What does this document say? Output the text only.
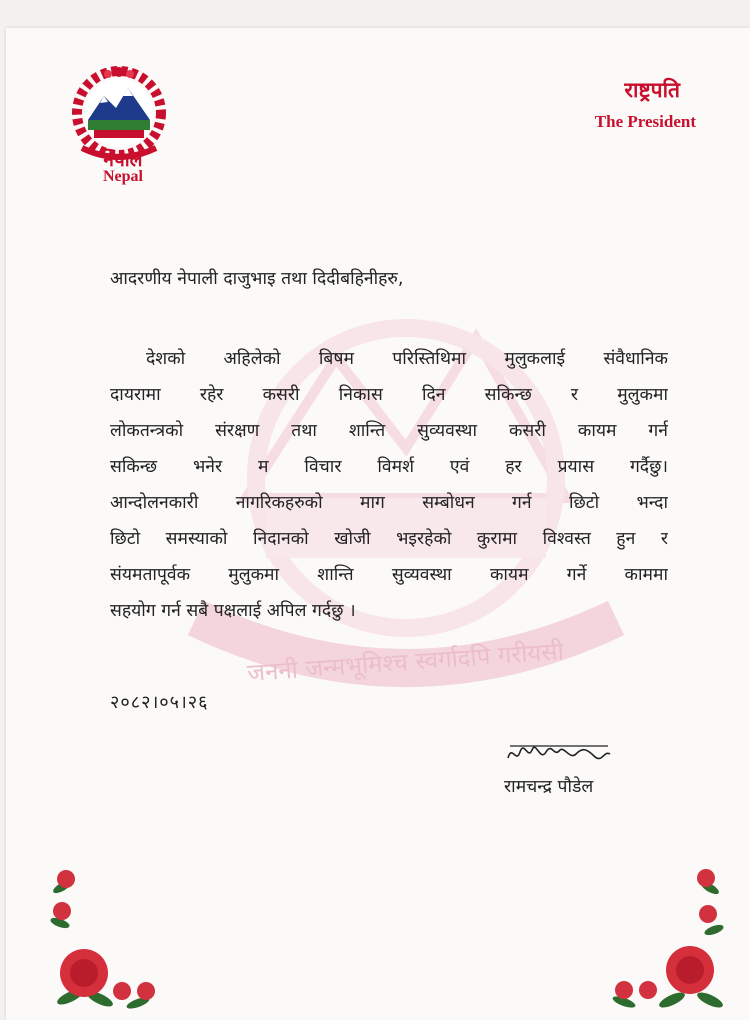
नेपाल
Nepal
राष्ट्रपति
The President
जननी जन्मभूमिश्च स्वर्गादपि गरीयसी
आदरणीय नेपाली दाजुभाइ तथा दिदीबहिनीहरु,
देशको अहिलेको बिषम परिस्तिथिमा मुलुकलाई संवैधानिक
दायरामा रहेर कसरी निकास दिन सकिन्छ र मुलुकमा
लोकतन्त्रको संरक्षण तथा शान्ति सुव्यवस्था कसरी कायम गर्न
सकिन्छ भनेर म विचार विमर्श एवं हर प्रयास गर्दैछु।
आन्दोलनकारी नागरिकहरुको माग सम्बोधन गर्न छिटो भन्दा
छिटो समस्याको निदानको खोजी भइरहेको कुरामा विश्वस्त हुन र
संयमतापूर्वक मुलुकमा शान्ति सुव्यवस्था कायम गर्ने काममा
सहयोग गर्न सबै पक्षलाई अपिल गर्दछु ।
२०८२।०५।२६
रामचन्द्र पौडेल
